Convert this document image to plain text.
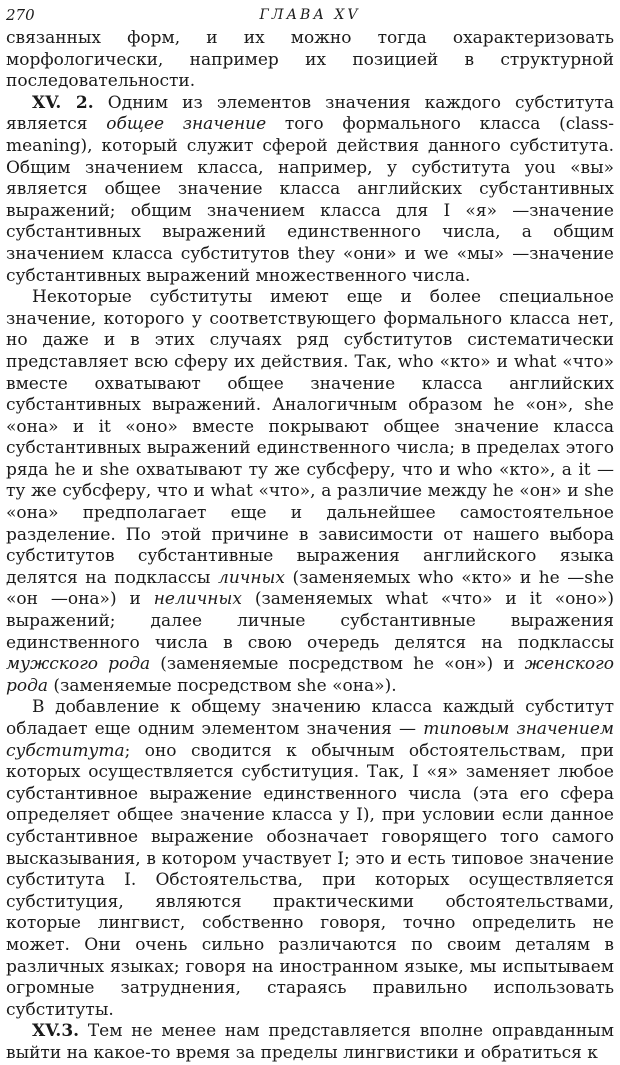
270	ГЛАВА XV

связанных форм, и их можно тогда охарактеризовать морфологически, например их позицией в структурной последовательности.

XV. 2. Одним из элементов значения каждого субститута является общее значение того формального класса (class-meaning), который служит сферой действия данного субститута. Общим значением класса, например, у субститута you «вы» является общее значение класса английских субстантивных выражений; общим значением класса для I «я» —значение субстантивных выражений единственного числа, а общим значением класса субститутов they «они» и we «мы» —значение субстантивных выражений множественного числа.

Некоторые субституты имеют еще и более специальное значение, которого у соответствующего формального класса нет, но даже и в этих случаях ряд субститутов систематически представляет всю сферу их действия. Так, who «кто» и what «что» вместе охватывают общее значение класса английских субстантивных выражений. Аналогичным образом he «он», she «она» и it «оно» вместе покрывают общее значение класса субстантивных выражений единственного числа; в пределах этого ряда he и she охватывают ту же субсферу, что и who «кто», а it —ту же субсферу, что и what «что», а различие между he «он» и she «она» предполагает еще и дальнейшее самостоятельное разделение. По этой причине в зависимости от нашего выбора субститутов субстантивные выражения английского языка делятся на подклассы личных (заменяемых who «кто» и he —she «он —она») и неличных (заменяемых what «что» и it «оно») выражений; далее личные субстантивные выражения единственного числа в свою очередь делятся на подклассы мужского рода (заменяемые посредством he «он») и женского рода (заменяемые посредством she «она»).

В добавление к общему значению класса каждый субститут обладает еще одним элементом значения — типовым значением субститута; оно сводится к обычным обстоятельствам, при которых осуществляется субституция. Так, I «я» заменяет любое субстантивное выражение единственного числа (эта его сфера определяет общее значение класса у I), при условии если данное субстантивное выражение обозначает говорящего того самого высказывания, в котором участвует I; это и есть типовое значение субститута I. Обстоятельства, при которых осуществляется субституция, являются практическими обстоятельствами, которые лингвист, собственно говоря, точно определить не может. Они очень сильно различаются по своим деталям в различных языках; говоря на иностранном языке, мы испытываем огромные затруднения, стараясь правильно использовать субституты.

XV.3. Тем не менее нам представляется вполне оправданным выйти на какое-то время за пределы лингвистики и обратиться к
